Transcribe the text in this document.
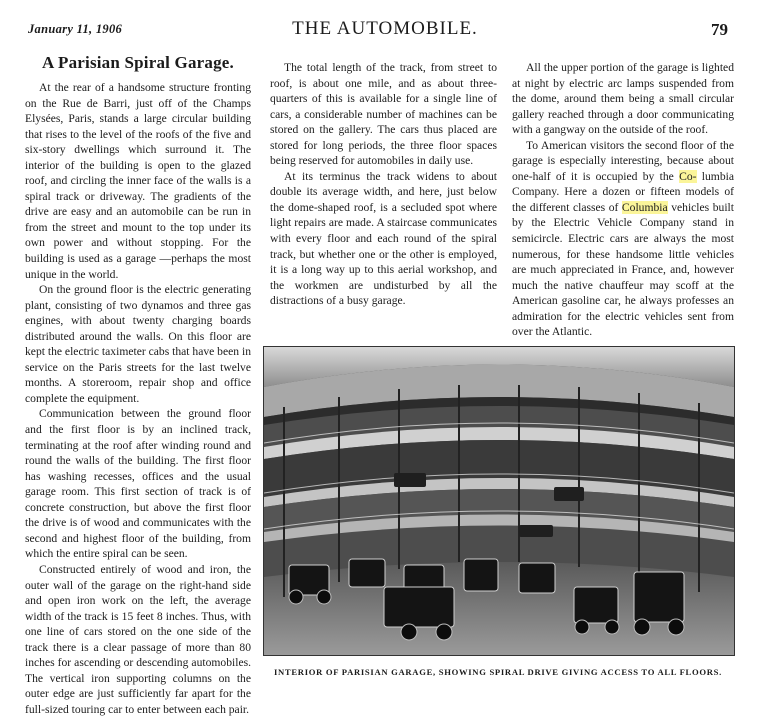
January 11, 1906	THE AUTOMOBILE.	79
A Parisian Spiral Garage.

At the rear of a handsome structure fronting on the Rue de Barri, just off of the Champs Elysées, Paris, stands a large circular building that rises to the level of the roofs of the five and six-story dwellings which surround it. The interior of the building is open to the glazed roof, and circling the inner face of the walls is a spiral track or driveway. The gradients of the drive are easy and an automobile can be run in from the street and mount to the top under its own power and without stopping. For the building is used as a garage —perhaps the most unique in the world.

On the ground floor is the electric generating plant, consisting of two dynamos and three gas engines, with about twenty charging boards distributed around the walls. On this floor are kept the electric taximeter cabs that have been in service on the Paris streets for the last twelve months. A storeroom, repair shop and office complete the equipment.

Communication between the ground floor and the first floor is by an inclined track, terminating at the roof after winding round and round the walls of the building. The first floor has washing recesses, offices and the usual garage room. This first section of track is of concrete construction, but above the first floor the drive is of wood and communicates with the second and highest floor of the building, from which the entire spiral can be seen.

Constructed entirely of wood and iron, the outer wall of the garage on the right-hand side and open iron work on the left, the average width of the track is 15 feet 8 inches. Thus, with one line of cars stored on the one side of the track there is a clear passage of more than 80 inches for ascending or descending automobiles. The vertical iron supporting columns on the outer edge are just sufficiently far apart for the full-sized touring car to enter between each pair.

The total length of the track, from street to roof, is about one mile, and as about three-quarters of this is available for a single line of cars, a considerable number of machines can be stored on the gallery. The cars thus placed are stored for long periods, the three floor spaces being reserved for automobiles in daily use.

At its terminus the track widens to about double its average width, and here, just below the dome-shaped roof, is a secluded spot where light repairs are made. A staircase communicates with every floor and each round of the spiral track, but whether one or the other is employed, it is a long way up to this aerial workshop, and the workmen are undisturbed by all the distractions of a busy garage.

All the upper portion of the garage is lighted at night by electric arc lamps suspended from the dome, around them being a small circular gallery reached through a door communicating with a gangway on the outside of the roof.

To American visitors the second floor of the garage is especially interesting, because about one-half of it is occupied by the Co- lumbia Company. Here a dozen or fifteen models of the different classes of Columbia vehicles built by the Electric Vehicle Company stand in semicircle. Electric cars are always the most numerous, for these handsome little vehicles are much appreciated in France, and, however much the native chauffeur may scoff at the American gasoline car, he always professes an admiration for the electric vehicles sent from over the Atlantic.

INTERIOR OF PARISIAN GARAGE, SHOWING SPIRAL DRIVE GIVING ACCESS TO ALL FLOORS.
